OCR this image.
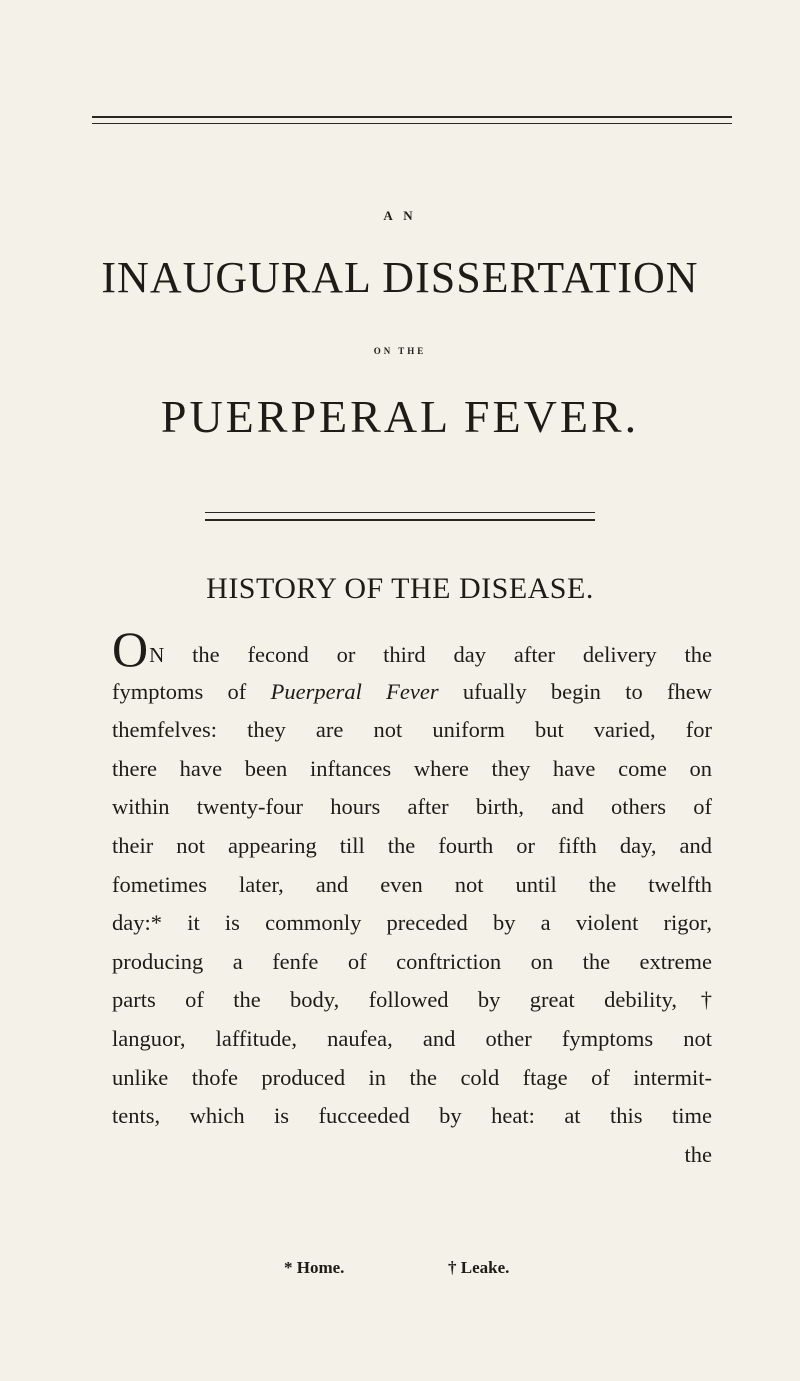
A N
INAUGURAL DISSERTATION
ON THE
PUERPERAL FEVER.
HISTORY OF THE DISEASE.
ON the fecond or third day after delivery the
fymptoms of Puerperal Fever ufually begin to fhew
themfelves: they are not uniform but varied, for
there have been inftances where they have come on
within twenty-four hours after birth, and others of
their not appearing till the fourth or fifth day, and
fometimes later, and even not until the twelfth
day:* it is commonly preceded by a violent rigor,
producing a fenfe of conftriction on the extreme
parts of the body, followed by great debility,†
languor, laffitude, naufea, and other fymptoms not
unlike thofe produced in the cold ftage of intermit-
tents, which is fucceeded by heat: at this time
the
* Home.	† Leake.
